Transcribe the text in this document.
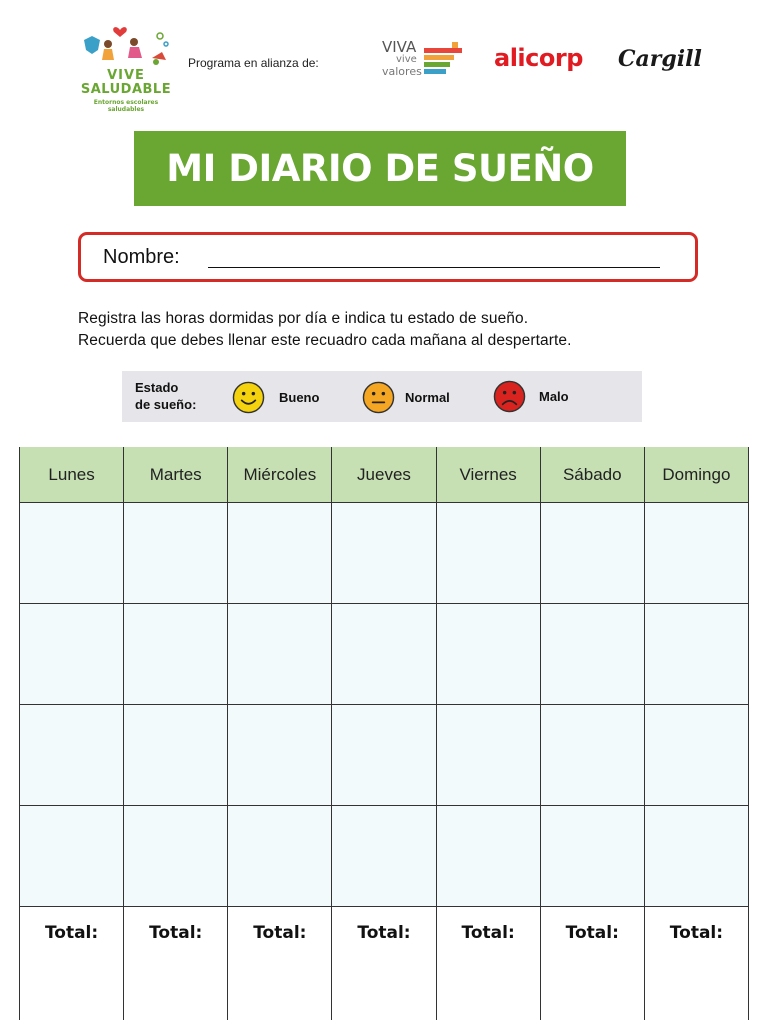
VIVE
SALUDABLE
Entornos escolares saludables
Programa en alianza de:
VIVA
vive
valores	alicorp Cargill
MI DIARIO DE SUEÑO
Nombre:
Registra las horas dormidas por día e indica tu estado de sueño.
Recuerda que debes llenar este recuadro cada mañana al despertarte.
Estado
de sueño:	Bueno	Normal	Malo
Lunes	Martes	Miércoles	Jueves	Viernes	Sábado	Domingo

Total:	Total:	Total:	Total:	Total:	Total:	Total:
